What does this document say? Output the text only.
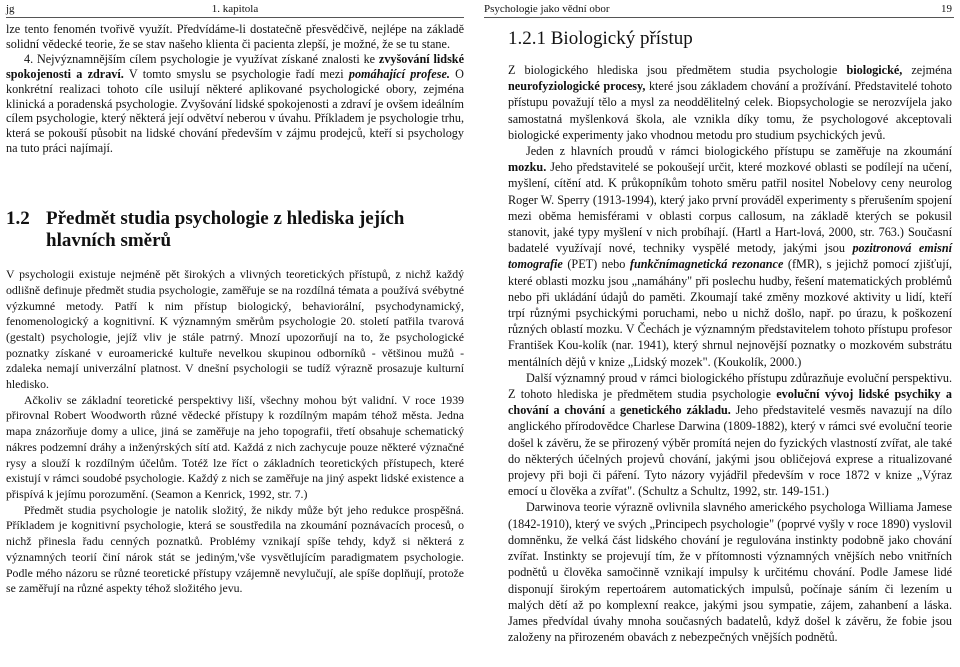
jg	1. kapitola

lze tento fenomén tvořivě využít. Předvídáme-li dostatečně přesvědčivě, nejlépe na základě solidní vědecké teorie, že se stav našeho klienta či pacienta zlepší, je možné, že se tu stane.

4. Nejvýznamnějším cílem psychologie je využívat získané znalosti ke zvyšování lidské spokojenosti a zdraví. V tomto smyslu se psychologie řadí mezi pomáhající profese. O konkrétní realizaci tohoto cíle usilují některé aplikované psychologické obory, zejména klinická a poradenská psychologie. Zvyšování lidské spokojenosti a zdraví je ovšem ideálním cílem psychologie, který některá její odvětví neberou v úvahu. Příkladem je psychologie trhu, která se pokouší působit na lidské chování především v zájmu prodejců, kteří si psychology na tuto práci najímají.

1.2 Předmět studia psychologie z hlediska jejích hlavních směrů

V psychologii existuje nejméně pět širokých a vlivných teoretických přístupů, z nichž každý odlišně definuje předmět studia psychologie, zaměřuje se na rozdílná témata a používá svébytné výzkumné metody. Patří k nim přístup biologický, behaviorální, psychodynamický, fenomenologický a kognitivní. K významným směrům psychologie 20. století patřila tvarová (gestalt) psychologie, jejíž vliv je stále patrný. Mnozí upozorňují na to, že psychologické poznatky získané v euroamerické kultuře nevelkou skupinou odborníků - většinou mužů - zdaleka nemají univerzální platnost. V dnešní psychologii se tudíž výrazně prosazuje kulturní hledisko.

Ačkoliv se základní teoretické perspektivy liší, všechny mohou být validní. V roce 1939 přirovnal Robert Woodworth různé vědecké přístupy k rozdílným mapám téhož města. Jedna mapa znázorňuje domy a ulice, jiná se zaměřuje na jeho topografii, třetí obsahuje schematický nákres podzemní dráhy a inženýrských sítí atd. Každá z nich zachycuje pouze některé význačné rysy a slouží k rozdílným účelům. Totéž lze říct o základních teoretických přístupech, které existují v rámci soudobé psychologie. Každý z nich se zaměřuje na jiný aspekt lidské existence a přispívá k jejímu porozumění. (Seamon a Kenrick, 1992, str. 7.)

Předmět studia psychologie je natolik složitý, že nikdy může být jeho redukce prospěšná. Příkladem je kognitivní psychologie, která se soustředila na zkoumání poznávacích procesů, o nichž přinesla řadu cenných poznatků. Problémy vznikají spíše tehdy, když si některá z významných teorií činí nárok stát se jediným,'vše vysvětlujícím paradigmatem psychologie. Podle mého názoru se různé teoretické přístupy vzájemně nevylučují, ale spíše doplňují, protože se zaměřují na různé aspekty téhož složitého jevu.

Psychologie jako vědní obor	19
1.2.1 Biologický přístup

Z biologického hlediska jsou předmětem studia psychologie biologické, zejména neurofyziologické procesy, které jsou základem chování a prožívání. Představitelé tohoto přístupu považují tělo a mysl za neoddělitelný celek. Biopsychologie se nerozvíjela jako samostatná myšlenková škola, ale vznikla díky tomu, že psychologové akceptovali biologické experimenty jako vhodnou metodu pro studium psychických jevů.

Jeden z hlavních proudů v rámci biologického přístupu se zaměřuje na zkoumání mozku. Jeho představitelé se pokoušejí určit, které mozkové oblasti se podílejí na učení, myšlení, cítění atd. K průkopníkům tohoto směru patřil nositel Nobelovy ceny neurolog Roger W. Sperry (1913-1994), který jako první prováděl experimenty s přerušením spojení mezi oběma hemisférami v oblasti corpus callosum, na základě kterých se pokusil stanovit, jaké typy myšlení v nich probíhají. (Hartl a Hart-lová, 2000, str. 763.) Současní badatelé využívají nové, techniky vyspělé metody, jakými jsou pozitronová emisní tomografie (PET) nebo funkčnímagnetická rezonance (fMR), s jejichž pomocí zjišťují, které oblasti mozku jsou „namáhány" při poslechu hudby, řešení matematických problémů nebo při ukládání údajů do paměti. Zkoumají také změny mozkové aktivity u lidí, kteří trpí různými psychickými poruchami, nebo u nichž došlo, např. po úrazu, k poškození různých oblastí mozku. V Čechách je významným představitelem tohoto přístupu profesor František Kou-kolík (nar. 1941), který shrnul nejnovější poznatky o mozkovém substrátu mentálních dějů v knize „Lidský mozek". (Koukolík, 2000.)

Další významný proud v rámci biologického přístupu zdůrazňuje evoluční perspektivu. Z tohoto hlediska je předmětem studia psychologie evoluční vývoj lidské psychiky a chování a chování a genetického základu. Jeho představitelé vesměs navazují na dílo anglického přírodovědce Charlese Darwina (1809-1882), který v rámci své evoluční teorie došel k závěru, že se přirozený výběr promítá nejen do fyzických vlastností zvířat, ale také do některých účelných projevů chování, jakými jsou obličejová exprese a ritualizované projevy při boji či páření. Tyto názory vyjádřil především v roce 1872 v knize „Výraz emocí u člověka a zvířat". (Schultz a Schultz, 1992, str. 149-151.)

Darwinova teorie výrazně ovlivnila slavného amerického psychologa Williama Jamese (1842-1910), který ve svých „Principech psychologie" (poprvé vyšly v roce 1890) vyslovil domněnku, že velká část lidského chování je regulována instinkty podobně jako chování zvířat. Instinkty se projevují tím, že v přítomnosti významných vnějších nebo vnitřních podnětů u člověka samočinně vznikají impulsy k určitému chování. Podle Jamese lidé disponují širokým repertoárem automatických impulsů, počínaje sáním či lezením u malých dětí až po komplexní reakce, jakými jsou sympatie, zájem, zahanbení a láska. James předvídal úvahy mnoha současných badatelů, když došel k závěru, že fobie jsou založeny na přirozeném obavách z nebezpečných vnějších podnětů.
